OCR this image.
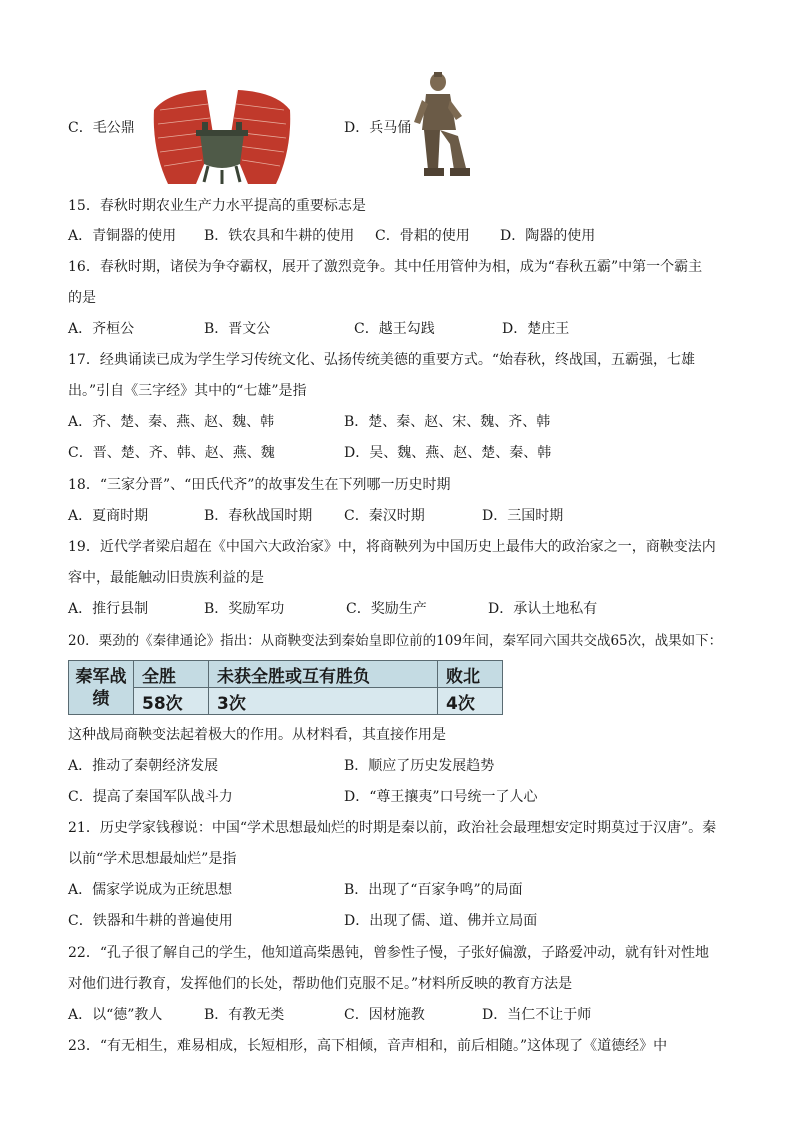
C．毛公鼎	D．兵马俑
15．春秋时期农业生产力水平提高的重要标志是
A．青铜器的使用 B．铁农具和牛耕的使用 C．骨耜的使用 D．陶器的使用
16．春秋时期，诸侯为争夺霸权，展开了激烈竞争。其中任用管仲为相，成为“春秋五霸”中第一个霸主
的是
A．齐桓公	B．晋文公	C．越王勾践	D．楚庄王
17．经典诵读已成为学生学习传统文化、弘扬传统美德的重要方式。“始春秋，终战国，五霸强，七雄
出。”引自《三字经》其中的“七雄”是指
A．齐、楚、秦、燕、赵、魏、韩	B．楚、秦、赵、宋、魏、齐、韩
C．晋、楚、齐、韩、赵、燕、魏	D．吴、魏、燕、赵、楚、秦、韩
18．“三家分晋”、“田氏代齐”的故事发生在下列哪一历史时期
A．夏商时期	B．春秋战国时期 C．秦汉时期	D．三国时期
19．近代学者梁启超在《中国六大政治家》中，将商鞅列为中国历史上最伟大的政治家之一，商鞅变法内
容中，最能触动旧贵族利益的是
A．推行县制	B．奖励军功	C．奖励生产	D．承认土地私有
20．栗劲的《秦律通论》指出：从商鞅变法到秦始皇即位前的109年间，秦军同六国共交战65次，战果如下：
秦军战绩	全胜	未获全胜或互有胜负	败北
	58次	3次	4次
这种战局商鞅变法起着极大的作用。从材料看，其直接作用是
A．推动了秦朝经济发展	B．顺应了历史发展趋势
C．提高了秦国军队战斗力	D．“尊王攘夷”口号统一了人心
21．历史学家钱穆说：中国“学术思想最灿烂的时期是秦以前，政治社会最理想安定时期莫过于汉唐”。秦
以前“学术思想最灿烂”是指
A．儒家学说成为正统思想	B．出现了“百家争鸣”的局面
C．铁器和牛耕的普遍使用	D．出现了儒、道、佛并立局面
22．“孔子很了解自己的学生，他知道高柴愚钝，曾参性子慢，子张好偏激，子路爱冲动，就有针对性地
对他们进行教育，发挥他们的长处，帮助他们克服不足。”材料所反映的教育方法是
A．以“德”教人	B．有教无类	C．因材施教	D．当仁不让于师
23．“有无相生，难易相成，长短相形，高下相倾，音声相和，前后相随。”这体现了《道德经》中
